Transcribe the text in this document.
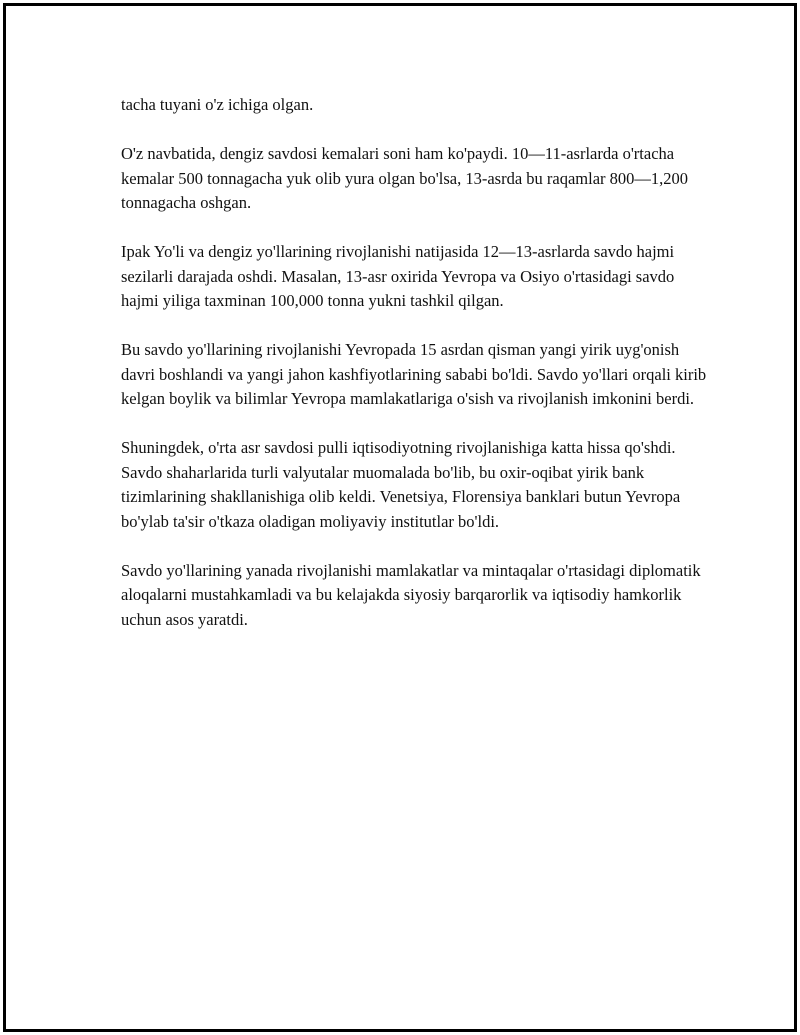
tacha tuyani o'z ichiga olgan.

O'z navbatida, dengiz savdosi kemalari soni ham ko'paydi. 10—11-asrlarda o'rtacha kemalar 500 tonnagacha yuk olib yura olgan bo'lsa, 13-asrda bu raqamlar 800—1,200 tonnagacha oshgan.

Ipak Yo'li va dengiz yo'llarining rivojlanishi natijasida 12—13-asrlarda savdo hajmi sezilarli darajada oshdi. Masalan, 13-asr oxirida Yevropa va Osiyo o'rtasidagi savdo hajmi yiliga taxminan 100,000 tonna yukni tashkil qilgan.

Bu savdo yo'llarining rivojlanishi Yevropada 15 asrdan qisman yangi yirik uyg'onish davri boshlandi va yangi jahon kashfiyotlarining sababi bo'ldi. Savdo yo'llari orqali kirib kelgan boylik va bilimlar Yevropa mamlakatlariga o'sish va rivojlanish imkonini berdi.

Shuningdek, o'rta asr savdosi pulli iqtisodiyotning rivojlanishiga katta hissa qo'shdi. Savdo shaharlarida turli valyutalar muomalada bo'lib, bu oxir-oqibat yirik bank tizimlarining shakllanishiga olib keldi. Venetsiya, Florensiya banklari butun Yevropa bo'ylab ta'sir o'tkaza oladigan moliyaviy institutlar bo'ldi.

Savdo yo'llarining yanada rivojlanishi mamlakatlar va mintaqalar o'rtasidagi diplomatik aloqalarni mustahkamladi va bu kelajakda siyosiy barqarorlik va iqtisodiy hamkorlik uchun asos yaratdi.
